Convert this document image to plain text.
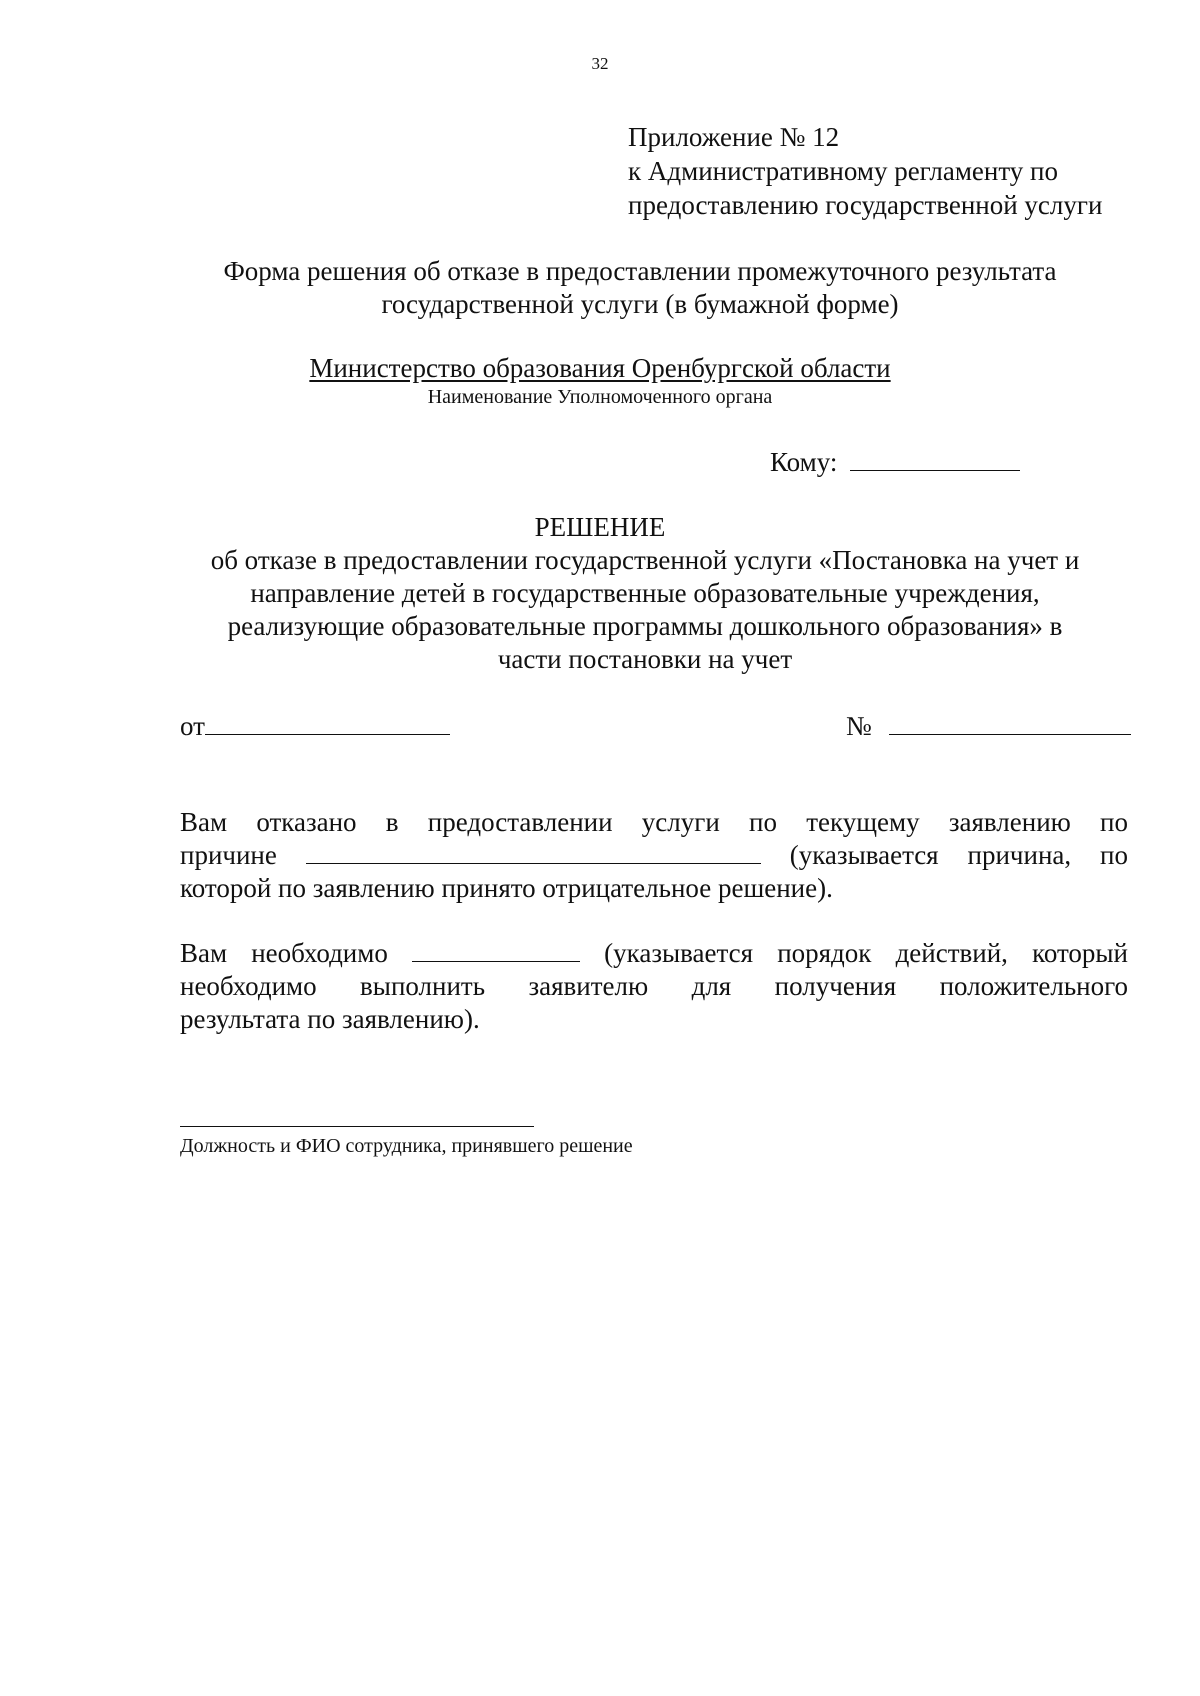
32
Приложение № 12
к Административному регламенту по
предоставлению государственной услуги
Форма решения об отказе в предоставлении промежуточного результата
государственной услуги (в бумажной форме)
Министерство образования Оренбургской области
Наименование Уполномоченного органа
Кому:
РЕШЕНИЕ
об отказе в предоставлении государственной услуги «Постановка на учет и
направление детей в государственные образовательные учреждения,
реализующие образовательные программы дошкольного образования» в
части постановки на учет
от	№
Вам отказано в предоставлении услуги по текущему заявлению по
причине	(указывается причина, по
которой по заявлению принято отрицательное решение).
Вам необходимо	(указывается порядок действий, который
необходимо выполнить заявителю для получения положительного
результата по заявлению).
Должность и ФИО сотрудника, принявшего решение
